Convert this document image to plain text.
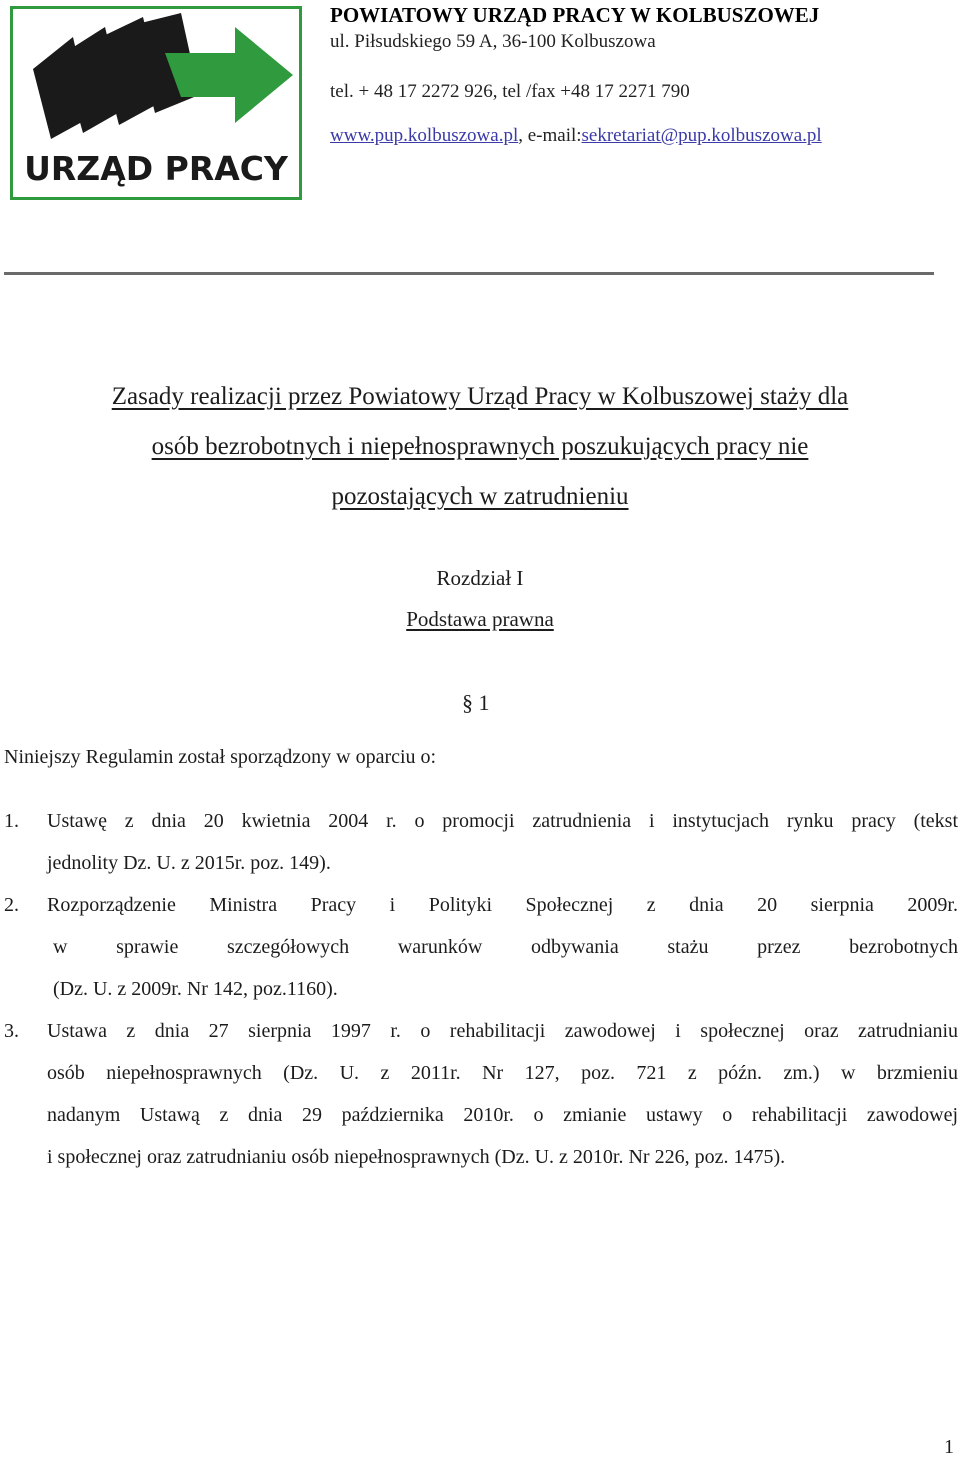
URZĄD PRACY
POWIATOWY URZĄD PRACY W KOLBUSZOWEJ
ul. Piłsudskiego 59 A, 36-100 Kolbuszowa
tel. + 48 17 2272 926, tel /fax +48 17 2271 790
www.pup.kolbuszowa.pl, e-mail:sekretariat@pup.kolbuszowa.pl
Zasady realizacji przez Powiatowy Urząd Pracy w Kolbuszowej staży dla
osób bezrobotnych i niepełnosprawnych poszukujących pracy nie
pozostających w zatrudnieniu
Rozdział I
Podstawa prawna
§ 1
Niniejszy Regulamin został sporządzony w oparciu o:
1. Ustawę z dnia 20 kwietnia 2004 r. o promocji zatrudnienia i instytucjach rynku pracy (tekst
jednolity Dz. U. z 2015r. poz. 149).
2. Rozporządzenie Ministra Pracy i Polityki Społecznej z dnia 20 sierpnia 2009r.
w sprawie szczegółowych warunków odbywania stażu przez bezrobotnych
(Dz. U. z 2009r. Nr 142, poz.1160).
3. Ustawa z dnia 27 sierpnia 1997 r. o rehabilitacji zawodowej i społecznej oraz zatrudnianiu
osób niepełnosprawnych (Dz. U. z 2011r. Nr 127, poz. 721 z późn. zm.) w brzmieniu
nadanym Ustawą z dnia 29 października 2010r. o zmianie ustawy o rehabilitacji zawodowej
i społecznej oraz zatrudnianiu osób niepełnosprawnych (Dz. U. z 2010r. Nr 226, poz. 1475).
1
